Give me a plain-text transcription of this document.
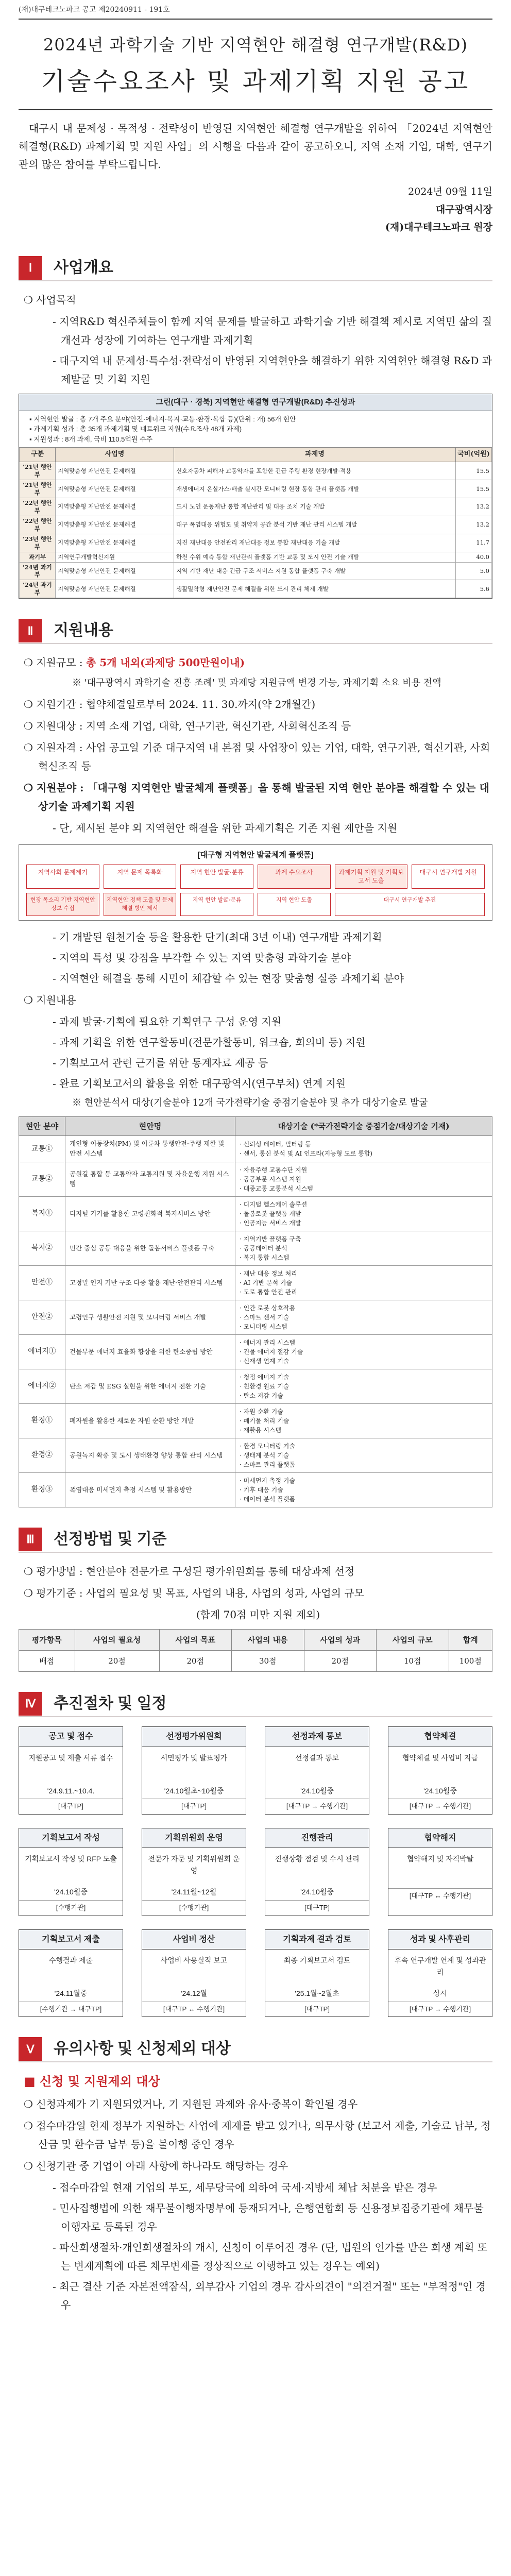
(재)대구테크노파크 공고 제20240911 - 191호
2024년 과학기술 기반 지역현안 해결형 연구개발(R&D)
기술수요조사 및 과제기획 지원 공고

대구시 내 문제성 · 목적성 · 전략성이 반영된 지역현안 해결형 연구개발을 위하여 「2024년 지역현안 해결형(R&D) 과제기획 및 지원 사업」의 시행을 다음과 같이 공고하오니, 지역 소재 기업, 대학, 연구기관의 많은 참여를 부탁드립니다.

2024년 09월 11일
대구광역시장
(재)대구테크노파크 원장
Ⅰ	사업개요
❍ 사업목적
- 지역R&D 혁신주체들이 함께 지역 문제를 발굴하고 과학기술 기반 해결책 제시로 지역민 삶의 질 개선과 성장에 기여하는 연구개발 과제기획
- 대구지역 내 문제성·특수성·전략성이 반영된 지역현안을 해결하기 위한 지역현안 해결형 R&D 과제발굴 및 기획 지원
그린(대구 · 경북) 지역현안 해결형 연구개발(R&D) 추진성과
▪ 지역현안 발굴 : 총 7개 주요 분야(안전·에너지·복지·교통·환경·복합 등)(단위 : 개) 56개 현안
▪ 과제기획 성과 : 총 35개 과제기획 및 네트워크 지원(수요조사 48개 과제)
▪ 지원성과 : 8개 과제, 국비 110.5억원 수주
구분	사업명	과제명	국비(억원)
'21년 행안부	지역맞춤형 재난안전 문제해결	신호자동차 피해자 교통약자를 포함한 긴급 주행 환경 현장개발·적용	15.5
'21년 행안부	지역맞춤형 재난안전 문제해결	재생에너지 온실가스·배출 실시간 모니터링 현장 통합 관리 플랫폼 개발	15.5
'22년 행안부	지역맞춤형 재난안전 문제해결	도시 노인 운동재난 통합 재난관리 및 대응 조치 기술 개발	13.2
'22년 행안부	지역맞춤형 재난안전 문제해결	대구 폭염대응 위험도 및 취약지 공간 분석 기반 재난 관리 시스템 개발	13.2
'23년 행안부	지역맞춤형 재난안전 문제해결	지진 재난대응 안전관리 재난대응 정보 통합 재난대응 기술 개발	11.7
과기부	지역연구개발혁신지원	하천 수위 예측 통합 재난관리 플랫폼 기반 교통 및 도시 안전 기술 개발	40.0
'24년 과기부	지역맞춤형 재난안전 문제해결	지역 기반 재난 대응 긴급 구조 서비스 지원 통합 플랫폼 구축 개발	5.0
'24년 과기부	지역맞춤형 재난안전 문제해결	생활밀착형 재난안전 문제 해결을 위한 도시 관리 체계 개발	5.6
Ⅱ	지원내용
❍ 지원규모 : 총 5개 내외(과제당 500만원이내)
※ '대구광역시 과학기술 진흥 조례' 및 과제당 지원금액 변경 가능, 과제기획 소요 비용 전액
❍ 지원기간 : 협약체결일로부터 2024. 11. 30.까지(약 2개월간)
❍ 지원대상 : 지역 소재 기업, 대학, 연구기관, 혁신기관, 사회혁신조직 등
❍ 지원자격 : 사업 공고일 기준 대구지역 내 본점 및 사업장이 있는 기업, 대학, 연구기관, 혁신기관, 사회혁신조직 등
❍ 지원분야 : 「대구형 지역현안 발굴체계 플랫폼」을 통해 발굴된 지역 현안 분야를 해결할 수 있는 대상기술 과제기획 지원
- 단, 제시된 분야 외 지역현안 해결을 위한 과제기획은 기존 지원 제안을 지원
[대구형 지역현안 발굴체계 플랫폼]
지역사회 문제제기	지역 문제 목록화	지역 현안 발굴·분류	과제 수요조사	과제기획 지원 및 기획보고서 도출
대구시 연구개발 지원
현장 목소리 기반 지역현안 정보 수집
지역현안 정책 도출 및 문제해결 방안 제시
지역 현안 발굴·분류	지역 현안 도출	대구시 연구개발 추진
- 기 개발된 원천기술 등을 활용한 단기(최대 3년 이내) 연구개발 과제기획
- 지역의 특성 및 강점을 부각할 수 있는 지역 맞춤형 과학기술 분야
- 지역현안 해결을 통해 시민이 체감할 수 있는 현장 맞춤형 실증 과제기획 분야
❍ 지원내용
- 과제 발굴·기획에 필요한 기획연구 구성 운영 지원
- 과제 기획을 위한 연구활동비(전문가활동비, 워크숍, 회의비 등) 지원
- 기획보고서 관련 근거를 위한 통계자료 제공 등
- 완료 기획보고서의 활용을 위한 대구광역시(연구부처) 연계 지원
※ 현안분석서 대상(기술분야 12개 국가전략기술 중점기술분야 및 추가 대상기술로 발굴
현안 분야	현안명	대상기술 (*국가전략기술 중점기술/대상기술 기재)
교통①	개인형 이동장치(PM) 및 이륜차 통행안전·주행 제한 및 안전 시스템	· 신뢰성 데이터, 필터링 등
· 센서, 통신 분석 및 AI 인프라(지능형 도로 통합)
교통②	공원길 통합 등 교통약자 교통지원 및 자율운행 지원 시스템	· 자율주행 교통수단 지원
· 공공부문 시스템 지원
· 대중교통 교통분석 시스템
복지①	디지털 기기를 활용한 고령친화적 복지서비스 방안	· 디지털 헬스케어 솔루션
· 돌봄로봇 플랫폼 개발
· 인공지능 서비스 개발
복지②	민간 중심 공동 대응을 위한 돌봄서비스 플랫폼 구축	· 지역기반 플랫폼 구축
· 공공데이터 분석
· 복지 통합 시스템
안전①	고정밀 인지 기반 구조 다중 활용 재난·안전관리 시스템	· 재난 대응 정보 처리
· AI 기반 분석 기술
· 도로 통합 안전 관리
안전②	고령인구 생활안전 지원 및 모니터링 서비스 개발	· 인간 로봇 상호작용
· 스마트 센서 기술
· 모니터링 시스템
에너지①	건물부문 에너지 효율화 향상을 위한 탄소중립 방안	· 에너지 관리 시스템
· 건물 에너지 절감 기술
· 신재생 연계 기술
에너지②	탄소 저감 및 ESG 실현을 위한 에너지 전환 기술	· 청정 에너지 기술
· 친환경 원료 기술
· 탄소 저감 기술
환경①	폐자원을 활용한 새로운 자원 순환 방안 개발	· 자원 순환 기술
· 폐기물 처리 기술
· 재활용 시스템
환경②	공원녹지 확충 및 도시 생태환경 향상 통합 관리 시스템	· 환경 모니터링 기술
· 생태계 분석 기술
· 스마트 관리 플랫폼
환경③	폭염대응 미세먼지 측정 시스템 및 활용방안	· 미세먼지 측정 기술
· 기후 대응 기술
· 데이터 분석 플랫폼
Ⅲ	선정방법 및 기준
❍ 평가방법 : 현안분야 전문가로 구성된 평가위원회를 통해 대상과제 선정
❍ 평가기준 : 사업의 필요성 및 목표, 사업의 내용, 사업의 성과, 사업의 규모
(합계 70점 미만 지원 제외)
평가항목	사업의 필요성	사업의 목표	사업의 내용	사업의 성과	사업의 규모	합계
배점	20점	20점	30점	20점	10점	100점
Ⅳ	추진절차 및 일정
공고 및 접수
지원공고 및 제출 서류 접수
'24.9.11.~10.4.
[대구TP]
선정평가위원회
서면평가 및 발표평가
'24.10월초~10월중
[대구TP]
선정과제 통보
선정결과 통보
'24.10월중
[대구TP → 수행기관]
협약체결
협약체결 및 사업비 지급
'24.10월중
[대구TP → 수행기관]
기획보고서 작성
기획보고서 작성 및 RFP 도출
'24.10월중
[수행기관]
기획위원회 운영
전문가 자문 및 기획위원회 운영
'24.11월~12월
[수행기관]
진행관리
진행상황 점검 및 수시 관리
'24.10월중
[대구TP]
협약해지
협약해지 및 자격박탈
[대구TP ↔ 수행기관]
기획보고서 제출
수행결과 제출
'24.11월중
[수행기관 → 대구TP]
사업비 정산
사업비 사용실적 보고
'24.12월
[대구TP ↔ 수행기관]
기획과제 결과 검토
최종 기획보고서 검토
'25.1월~2월초
[대구TP]
성과 및 사후관리
후속 연구개발 연계 및 성과관리
상시
[대구TP → 수행기관]
Ⅴ	유의사항 및 신청제외 대상
■ 신청 및 지원제외 대상
❍ 신청과제가 기 지원되었거나, 기 지원된 과제와 유사·중복이 확인될 경우
❍ 접수마감일 현재 정부가 지원하는 사업에 제재를 받고 있거나, 의무사항 (보고서 제출, 기술료 납부, 정산금 및 환수금 납부 등)을 불이행 중인 경우
❍ 신청기관 중 기업이 아래 사항에 하나라도 해당하는 경우
- 접수마감일 현재 기업의 부도, 세무당국에 의하여 국세·지방세 체납 처분을 받은 경우
- 민사집행법에 의한 재무불이행자명부에 등재되거나, 은행연합회 등 신용정보집중기관에 채무불이행자로 등록된 경우
- 파산회생절차·개인회생절차의 개시, 신청이 이루어진 경우 (단, 법원의 인가를 받은 회생 계획 또는 변제계획에 따른 채무변제를 정상적으로 이행하고 있는 경우는 예외)
- 최근 결산 기준 자본전액잠식, 외부감사 기업의 경우 감사의견이 "의견거절" 또는 "부적정"인 경우
